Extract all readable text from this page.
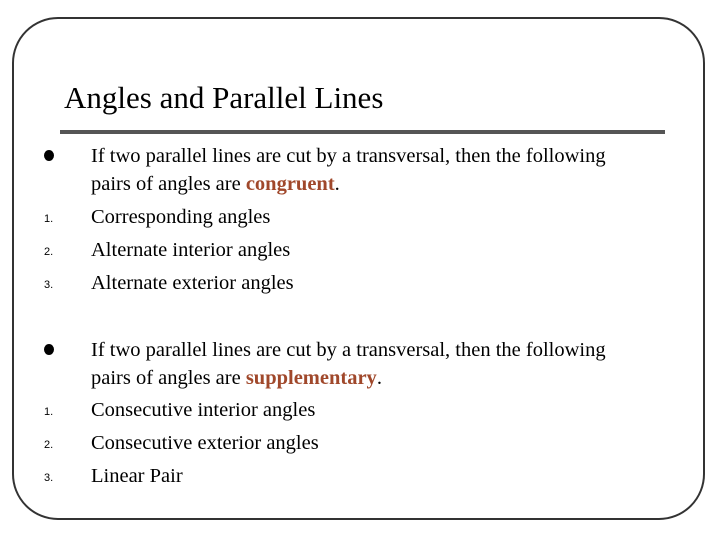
Angles and Parallel Lines
If two parallel lines are cut by a transversal, then the following
pairs of angles are congruent.
1. Corresponding angles
2. Alternate interior angles
3. Alternate exterior angles
If two parallel lines are cut by a transversal, then the following
pairs of angles are supplementary.
1. Consecutive interior angles
2. Consecutive exterior angles
3. Linear Pair
